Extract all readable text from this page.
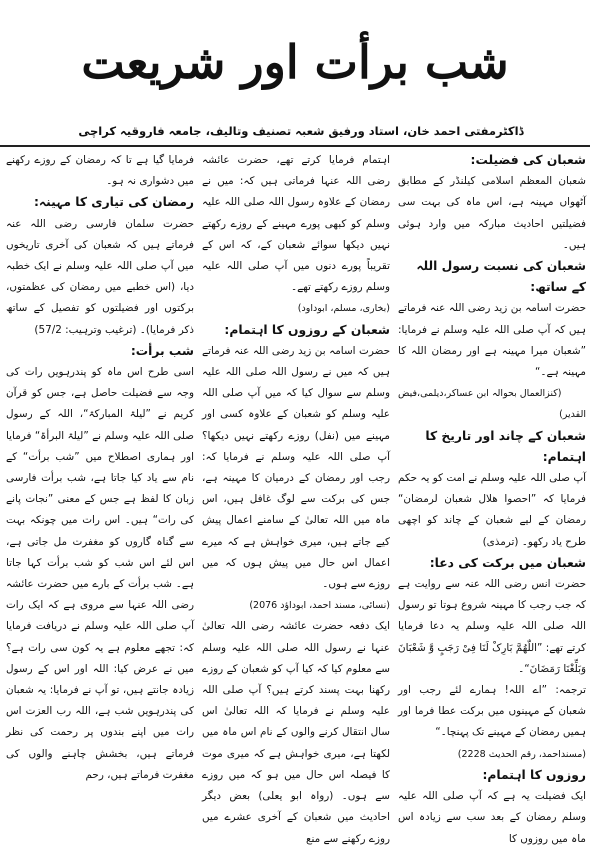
شب برأت اور شریعت
ڈاکٹرمفتی احمد خان، استاد ورفیق شعبہ تصنیف وتالیف، جامعہ فاروقیہ کراچی
شعبان کی فضیلت:

شعبان المعظم اسلامی کیلنڈر کے مطابق آٹھواں مہینہ ہے، اس ماہ کی بہت سی فضیلتیں احادیث مبارکہ میں وارد ہوئی ہیں۔

شعبان کی نسبت رسول اللہ کے ساتھ:

حضرت اسامہ بن زید رضی اللہ عنہ فرماتے ہیں کہ آپ صلی اللہ علیہ وسلم نے فرمایا: ”شعبان میرا مہینہ ہے اور رمضان اللہ کا مہینہ ہے۔“

(کنزالعمال بحوالہ ابن عساکر،دیلمی،فیض القدیر)

شعبان کے چاند اور تاریخ کا اہتمام:

آپ صلی اللہ علیہ وسلم نے امت کو یہ حکم فرمایا کہ ”احصوا ھلال شعبان لرمضان“ رمضان کے لیے شعبان کے چاند کو اچھی طرح یاد رکھو۔ (ترمذی)

شعبان میں برکت کی دعا:

حضرت انس رضی اللہ عنہ سے روایت ہے کہ جب رجب کا مہینہ شروع ہوتا تو رسول اللہ صلی اللہ علیہ وسلم یہ دعا فرمایا کرتے تھے: ”اللّٰھُمَّ بَارِکْ لَنَا فِیْ رَجَبٍ وَّ شَعْبَانَ وَبَلِّغْنَا رَمَضَانَ“۔

ترجمہ: ”اے اللہ! ہمارے لئے رجب اور شعبان کے مہینوں میں برکت عطا فرما اور ہمیں رمضان کے مہینے تک پہنچا۔“

(مسنداحمد، رقم الحدیث 2228)

روزوں کا اہتمام:

ایک فضیلت یہ ہے کہ آپ صلی اللہ علیہ وسلم رمضان کے بعد سب سے زیادہ اس ماہ میں روزوں کا

اہتمام فرمایا کرتے تھے، حضرت عائشہ رضی اللہ عنہا فرماتی ہیں کہ: میں نے رمضان کے علاوہ رسول اللہ صلی اللہ علیہ وسلم کو کبھی پورے مہینے کے روزے رکھتے نہیں دیکھا سوائے شعبان کے، کہ اس کے تقریباً پورے دنوں میں آپ صلی اللہ علیہ وسلم روزے رکھتے تھے۔

(بخاری، مسلم، ابوداود)

شعبان کے روزوں کا اہتمام:

حضرت اسامہ بن زید رضی اللہ عنہ فرماتے ہیں کہ میں نے رسول اللہ صلی اللہ علیہ وسلم سے سوال کیا کہ میں آپ صلی اللہ علیہ وسلم کو شعبان کے علاوہ کسی اور مہینے میں (نفل) روزے رکھتے نہیں دیکھا؟ آپ صلی اللہ علیہ وسلم نے فرمایا کہ: رجب اور رمضان کے درمیان کا مہینہ ہے، جس کی برکت سے لوگ غافل ہیں، اس ماہ میں اللہ تعالیٰ کے سامنے اعمال پیش کیے جاتے ہیں، میری خواہش ہے کہ میرے اعمال اس حال میں پیش ہوں کہ میں روزے سے ہوں۔

(نسائی، مسند احمد، ابوداؤد 2076)

ایک دفعہ حضرت عائشہ رضی اللہ تعالیٰ عنہا نے رسول اللہ صلی اللہ علیہ وسلم سے معلوم کیا کہ کیا آپ کو شعبان کے روزے رکھنا بہت پسند کرتے ہیں؟ آپ صلی اللہ علیہ وسلم نے فرمایا کہ اللہ تعالیٰ اس سال انتقال کرنے والوں کے نام اس ماہ میں لکھتا ہے، میری خواہش ہے کہ میری موت کا فیصلہ اس حال میں ہو کہ میں روزے سے ہوں۔ (رواہ ابو یعلی) بعض دیگر احادیث میں شعبان کے آخری عشرے میں روزے رکھنے سے منع

فرمایا گیا ہے تا کہ رمضان کے روزے رکھنے میں دشواری نہ ہو۔

رمضان کی تیاری کا مہینہ:

حضرت سلمان فارسی رضی اللہ عنہ فرماتے ہیں کہ شعبان کی آخری تاریخوں میں آپ صلی اللہ علیہ وسلم نے ایک خطبہ دیا، (اس خطبے میں رمضان کی عظمتوں، برکتوں اور فضیلتوں کو تفصیل کے ساتھ ذکر فرمایا)۔ (ترغیب وترہیب: 57/2)

شب برأت:

اسی طرح اس ماہ کو پندرہویں رات کی وجہ سے فضیلت حاصل ہے، جس کو قرآن کریم نے ”لیلۃ المبارکۃ“، اللہ کے رسول صلی اللہ علیہ وسلم نے ”لیلۃ البرأۃ“ فرمایا اور ہماری اصطلاح میں ”شب برأت“ کے نام سے یاد کیا جاتا ہے، شب برأت فارسی زبان کا لفظ ہے جس کے معنی ”نجات پانے کی رات“ ہیں۔ اس رات میں چونکہ بہت سے گناہ گاروں کو مغفرت مل جاتی ہے، اس لئے اس شب کو شب برأت کہا جاتا ہے۔ شب برأت کے بارے میں حضرت عائشہ رضی اللہ عنہا سے مروی ہے کہ ایک رات آپ صلی اللہ علیہ وسلم نے دریافت فرمایا کہ: تجھے معلوم ہے یہ کون سی رات ہے؟ میں نے عرض کیا: اللہ اور اس کے رسول زیادہ جانتے ہیں، تو آپ نے فرمایا: یہ شعبان کی پندرہویں شب ہے، اللہ رب العزت اس رات میں اپنے بندوں پر رحمت کی نظر فرماتے ہیں، بخشش چاہنے والوں کی مغفرت فرماتے ہیں، رحم
